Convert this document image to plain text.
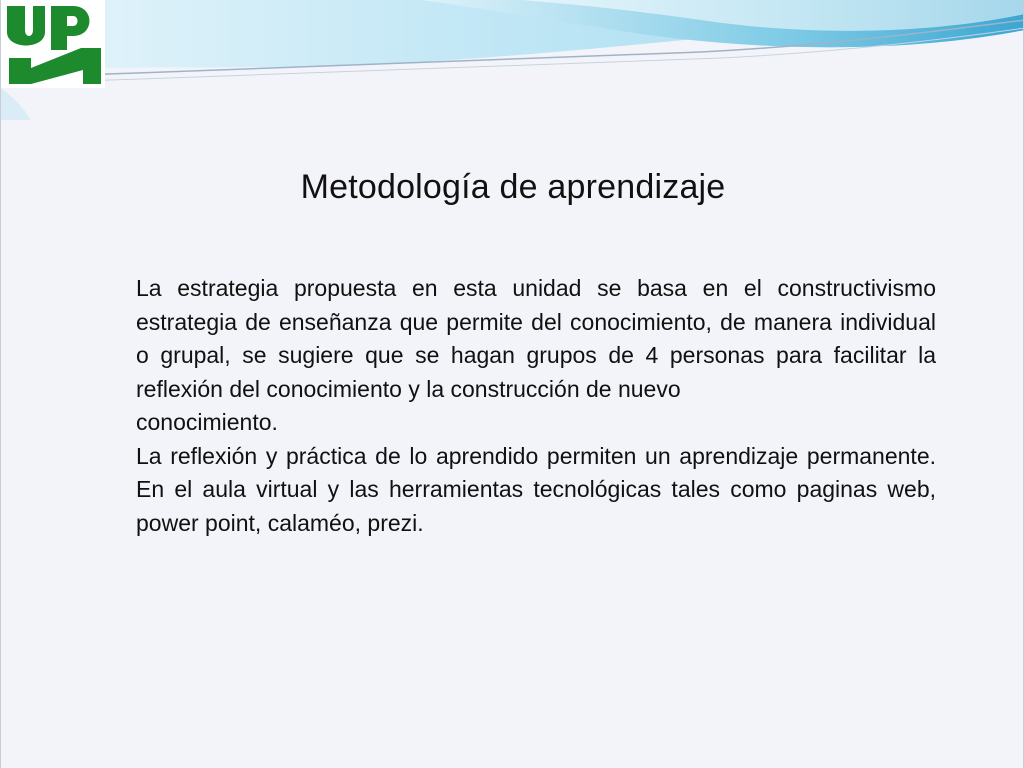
Metodología de aprendizaje

La estrategia propuesta en esta unidad se basa en el constructivismo estrategia de enseñanza que permite del conocimiento, de manera individual o grupal, se sugiere que se hagan grupos de 4 personas para facilitar la reflexión del conocimiento y la construcción de nuevo

conocimiento.

La reflexión y práctica de lo aprendido permiten un aprendizaje permanente. En el aula virtual y las herramientas tecnológicas tales como paginas web, power point, calaméo, prezi.
